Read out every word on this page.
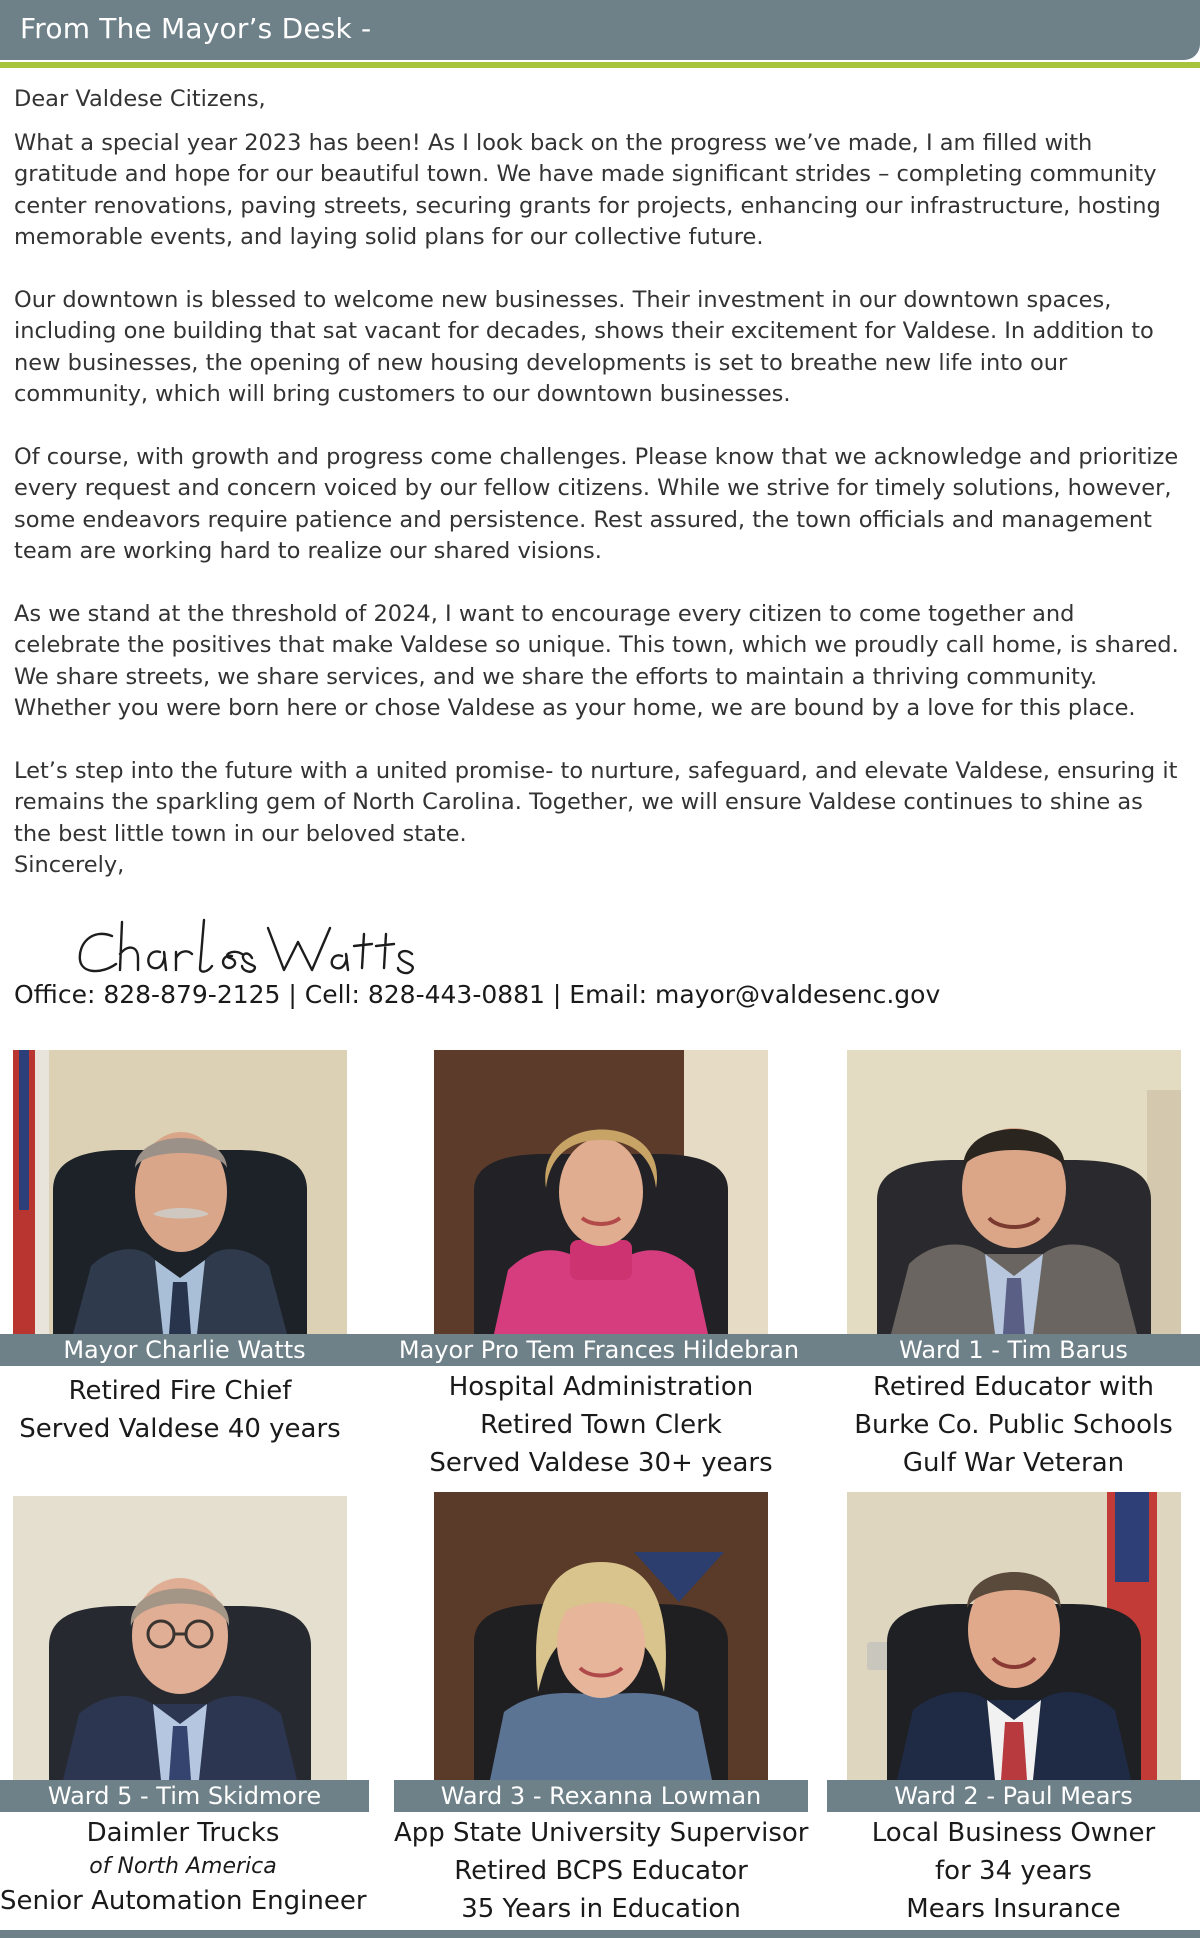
From The Mayor’s Desk -

Dear Valdese Citizens,

What a special year 2023 has been! As I look back on the progress we’ve made, I am filled with gratitude and hope for our beautiful town. We have made significant strides – completing community center renovations, paving streets, securing grants for projects, enhancing our infrastructure, hosting memorable events, and laying solid plans for our collective future.

Our downtown is blessed to welcome new businesses. Their investment in our downtown spaces, including one building that sat vacant for decades, shows their excitement for Valdese. In addition to new businesses, the opening of new housing developments is set to breathe new life into our community, which will bring customers to our downtown businesses.

Of course, with growth and progress come challenges. Please know that we acknowledge and prioritize every request and concern voiced by our fellow citizens. While we strive for timely solutions, however, some endeavors require patience and persistence. Rest assured, the town officials and management team are working hard to realize our shared visions.

As we stand at the threshold of 2024, I want to encourage every citizen to come together and celebrate the positives that make Valdese so unique. This town, which we proudly call home, is shared. We share streets, we share services, and we share the efforts to maintain a thriving community. Whether you were born here or chose Valdese as your home, we are bound by a love for this place.

Let’s step into the future with a united promise- to nurture, safeguard, and elevate Valdese, ensuring it remains the sparkling gem of North Carolina. Together, we will ensure Valdese continues to shine as the best little town in our beloved state.

Sincerely,

Office: 828-879-2125 | Cell: 828-443-0881 | Email: mayor@valdesenc.gov
Mayor Charlie Watts
Retired Fire Chief
Served Valdese 40 years
Mayor Pro Tem Frances Hildebran
Hospital Administration
Retired Town Clerk
Served Valdese 30+ years
Ward 1 - Tim Barus
Retired Educator with
Burke Co. Public Schools
Gulf War Veteran
Ward 5 - Tim Skidmore
Daimler Trucks
of North America
Senior Automation Engineer
Ward 3 - Rexanna Lowman
App State University Supervisor
Retired BCPS Educator
35 Years in Education
Ward 2 - Paul Mears
Local Business Owner
for 34 years
Mears Insurance
